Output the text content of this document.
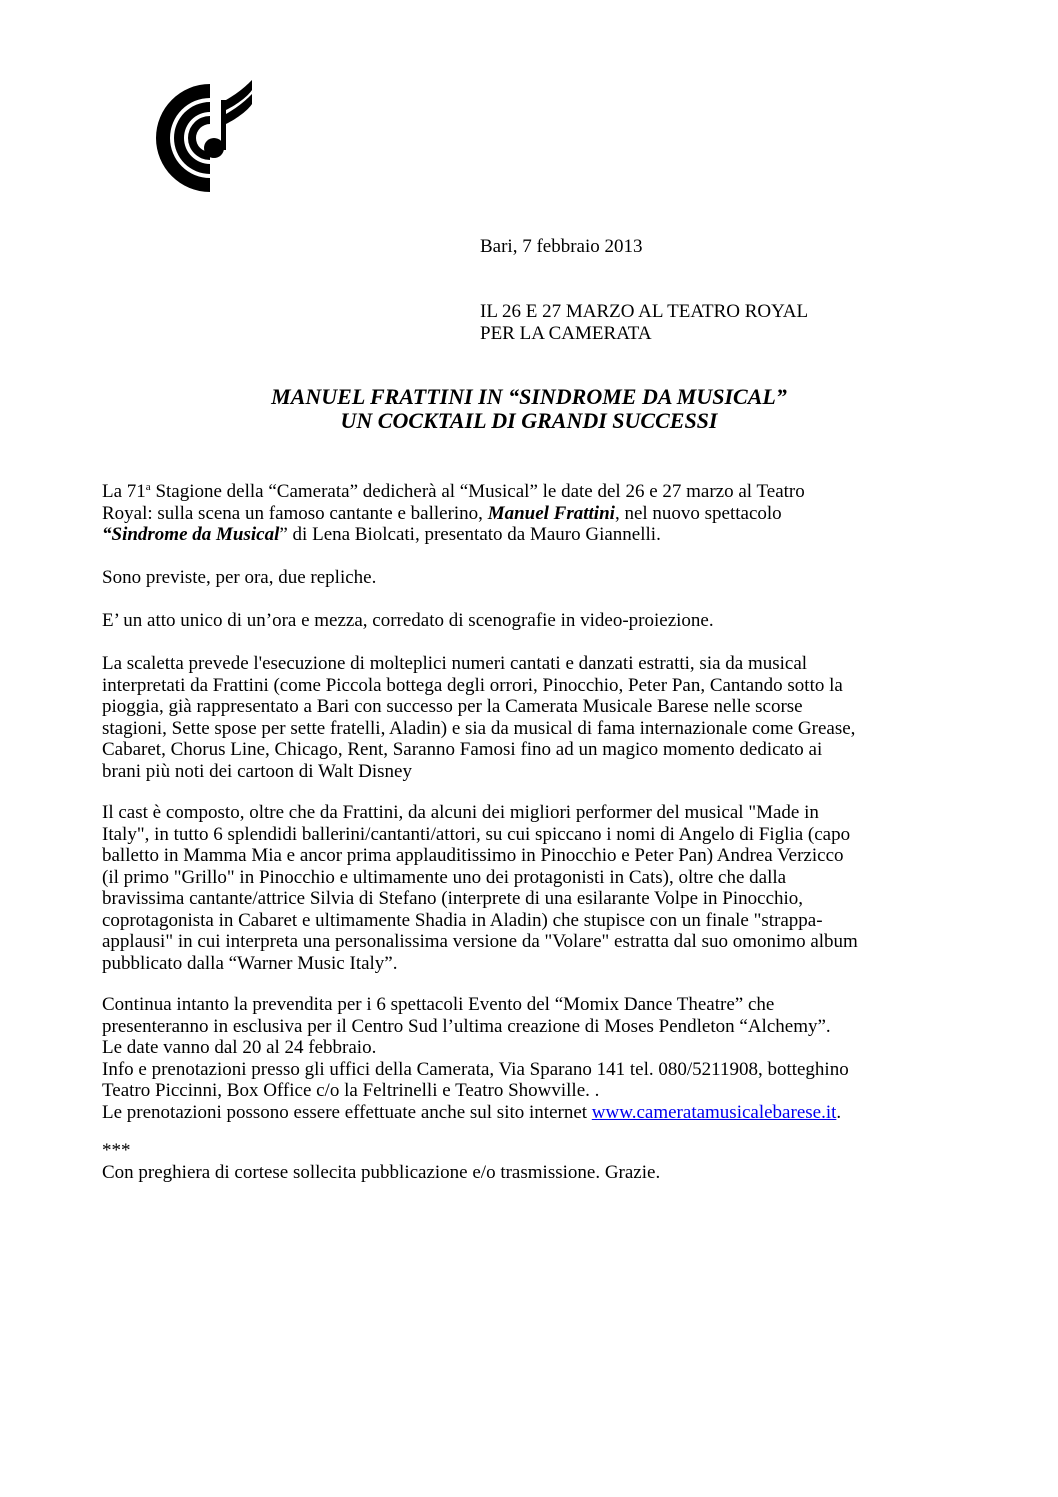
Bari, 7 febbraio 2013
IL 26 E 27 MARZO AL TEATRO ROYAL
PER LA CAMERATA
MANUEL FRATTINI IN “SINDROME DA MUSICAL”
UN COCKTAIL DI GRANDI SUCCESSI
La 71$^a$ Stagione della “Camerata” dedicherà al “Musical” le date del 26 e 27 marzo al Teatro
Royal: sulla scena un famoso cantante e ballerino, Manuel Frattini, nel nuovo spettacolo
“Sindrome da Musical” di Lena Biolcati, presentato da Mauro Giannelli.
Sono previste, per ora, due repliche.
E’ un atto unico di un’ora e mezza, corredato di scenografie in video-proiezione.
La scaletta prevede l'esecuzione di molteplici numeri cantati e danzati estratti, sia da musical
interpretati da Frattini (come Piccola bottega degli orrori, Pinocchio, Peter Pan, Cantando sotto la
pioggia, già rappresentato a Bari con successo per la Camerata Musicale Barese nelle scorse
stagioni, Sette spose per sette fratelli, Aladin) e sia da musical di fama internazionale come Grease,
Cabaret, Chorus Line, Chicago, Rent, Saranno Famosi fino ad un magico momento dedicato ai
brani più noti dei cartoon di Walt Disney
Il cast è composto, oltre che da Frattini, da alcuni dei migliori performer del musical "Made in
Italy", in tutto 6 splendidi ballerini/cantanti/attori, su cui spiccano i nomi di Angelo di Figlia (capo
balletto in Mamma Mia e ancor prima applauditissimo in Pinocchio e Peter Pan) Andrea Verzicco
(il primo "Grillo" in Pinocchio e ultimamente uno dei protagonisti in Cats), oltre che dalla
bravissima cantante/attrice Silvia di Stefano (interprete di una esilarante Volpe in Pinocchio,
coprotagonista in Cabaret e ultimamente Shadia in Aladin) che stupisce con un finale "strappa-
applausi" in cui interpreta una personalissima versione da "Volare" estratta dal suo omonimo album
pubblicato dalla “Warner Music Italy”.
Continua intanto la prevendita per i 6 spettacoli Evento del “Momix Dance Theatre” che
presenteranno in esclusiva per il Centro Sud l’ultima creazione di Moses Pendleton “Alchemy”.
Le date vanno dal 20 al 24 febbraio.
Info e prenotazioni presso gli uffici della Camerata, Via Sparano 141 tel. 080/5211908, botteghino
Teatro Piccinni, Box Office c/o la Feltrinelli e Teatro Showville. .
Le prenotazioni possono essere effettuate anche sul sito internet www.cameratamusicalebarese.it.
***
Con preghiera di cortese sollecita pubblicazione e/o trasmissione. Grazie.
